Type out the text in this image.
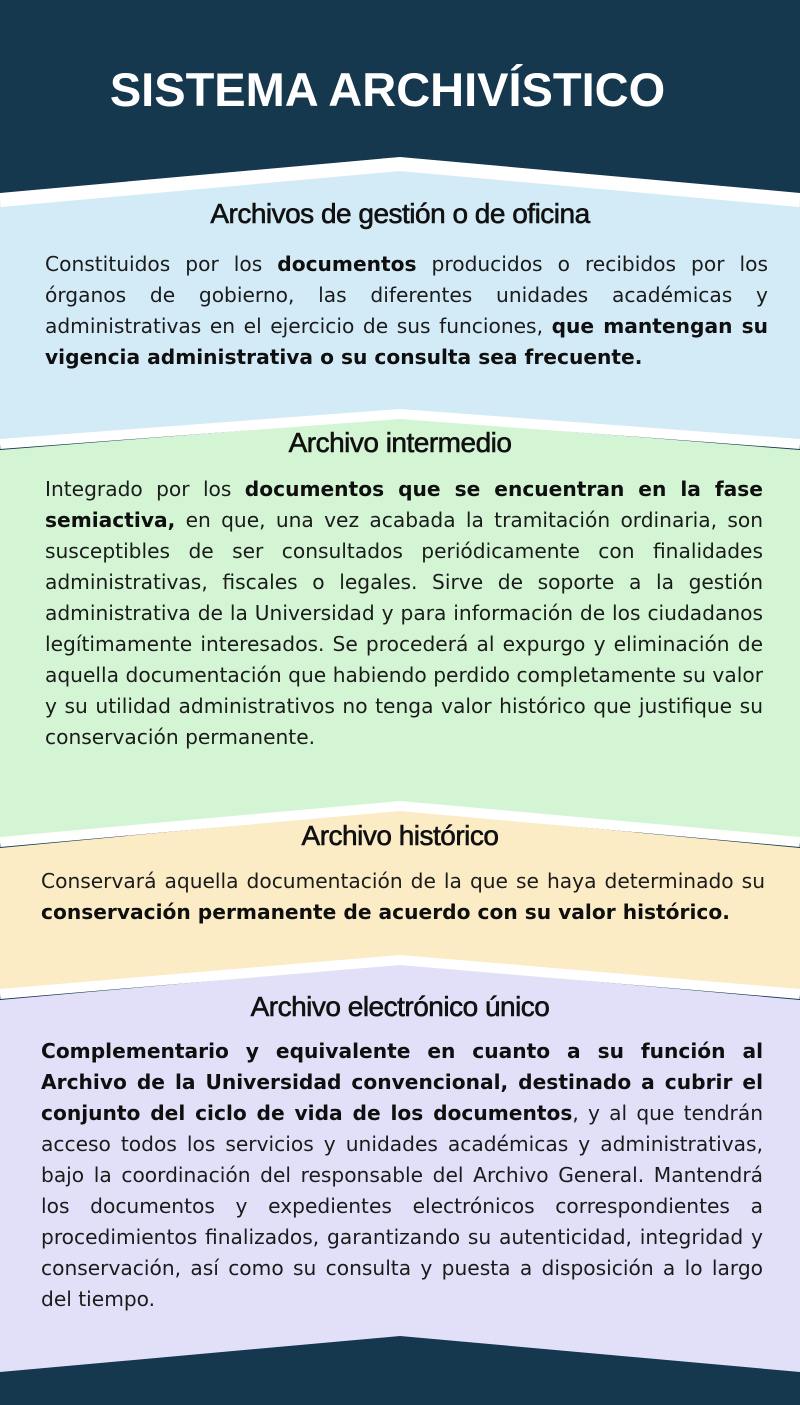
SISTEMA ARCHIVÍSTICO
Archivos de gestión o de oficina

Constituidos por los documentos producidos o recibidos por los órganos de gobierno, las diferentes unidades académicas y administrativas en el ejercicio de sus funciones, que mantengan su vigencia administrativa o su consulta sea frecuente.

Archivo intermedio

Integrado por los documentos que se encuentran en la fase semiactiva, en que, una vez acabada la tramitación ordinaria, son susceptibles de ser consultados periódicamente con finalidades administrativas, fiscales o legales. Sirve de soporte a la gestión administrativa de la Universidad y para información de los ciudadanos legítimamente interesados. Se procederá al expurgo y eliminación de aquella documentación que habiendo perdido completamente su valor y su utilidad administrativos no tenga valor histórico que justifique su conservación permanente.

Archivo histórico

Conservará aquella documentación de la que se haya determinado su conservación permanente de acuerdo con su valor histórico.

Archivo electrónico único

Complementario y equivalente en cuanto a su función al Archivo de la Universidad convencional, destinado a cubrir el conjunto del ciclo de vida de los documentos, y al que tendrán acceso todos los servicios y unidades académicas y administrativas, bajo la coordinación del responsable del Archivo General. Mantendrá los documentos y expedientes electrónicos correspondientes a procedimientos finalizados, garantizando su autenticidad, integridad y conservación, así como su consulta y puesta a disposición a lo largo del tiempo.
